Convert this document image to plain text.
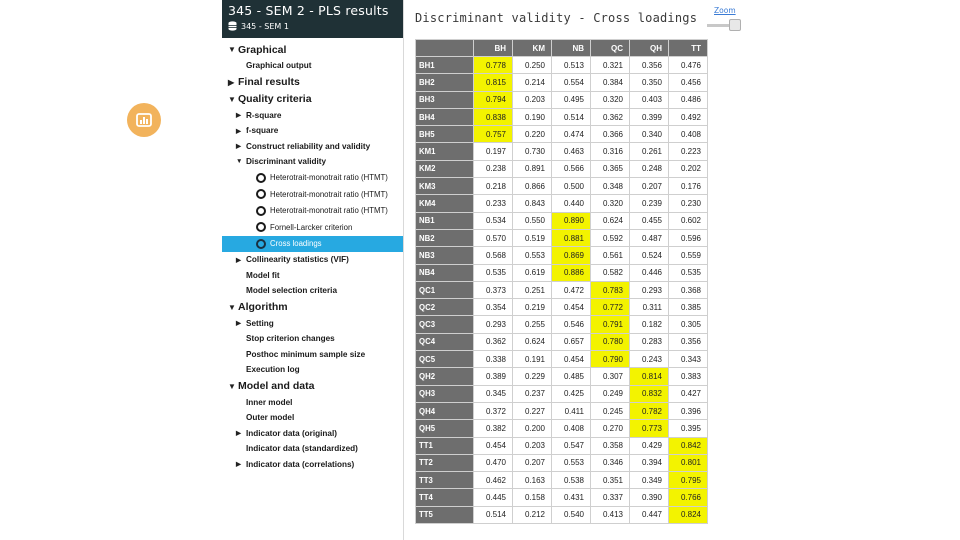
345 - SEM 2 - PLS results
345 - SEM 1
▼ Graphical
Graphical output
▶ Final results
▼ Quality criteria
▶ R-square
▶ f-square
▶ Construct reliability and validity
▼ Discriminant validity
Heterotrait-monotrait ratio (HTMT)
Heterotrait-monotrait ratio (HTMT)
Heterotrait-monotrait ratio (HTMT)
Fornell-Larcker criterion
Cross loadings
▶ Collinearity statistics (VIF)
Model fit
Model selection criteria
▼ Algorithm
▶ Setting
Stop criterion changes
Posthoc minimum sample size
Execution log
▼ Model and data
Inner model
Outer model
▶ Indicator data (original)
Indicator data (standardized)
▶ Indicator data (correlations)
Discriminant validity - Cross loadings
Zoom
	BH	KM	NB	QC	QH	TT
BH1	0.778	0.250	0.513	0.321	0.356	0.476
BH2	0.815	0.214	0.554	0.384	0.350	0.456
BH3	0.794	0.203	0.495	0.320	0.403	0.486
BH4	0.838	0.190	0.514	0.362	0.399	0.492
BH5	0.757	0.220	0.474	0.366	0.340	0.408
KM1	0.197	0.730	0.463	0.316	0.261	0.223
KM2	0.238	0.891	0.566	0.365	0.248	0.202
KM3	0.218	0.866	0.500	0.348	0.207	0.176
KM4	0.233	0.843	0.440	0.320	0.239	0.230
NB1	0.534	0.550	0.890	0.624	0.455	0.602
NB2	0.570	0.519	0.881	0.592	0.487	0.596
NB3	0.568	0.553	0.869	0.561	0.524	0.559
NB4	0.535	0.619	0.886	0.582	0.446	0.535
QC1	0.373	0.251	0.472	0.783	0.293	0.368
QC2	0.354	0.219	0.454	0.772	0.311	0.385
QC3	0.293	0.255	0.546	0.791	0.182	0.305
QC4	0.362	0.624	0.657	0.780	0.283	0.356
QC5	0.338	0.191	0.454	0.790	0.243	0.343
QH2	0.389	0.229	0.485	0.307	0.814	0.383
QH3	0.345	0.237	0.425	0.249	0.832	0.427
QH4	0.372	0.227	0.411	0.245	0.782	0.396
QH5	0.382	0.200	0.408	0.270	0.773	0.395
TT1	0.454	0.203	0.547	0.358	0.429	0.842
TT2	0.470	0.207	0.553	0.346	0.394	0.801
TT3	0.462	0.163	0.538	0.351	0.349	0.795
TT4	0.445	0.158	0.431	0.337	0.390	0.766
TT5	0.514	0.212	0.540	0.413	0.447	0.824
